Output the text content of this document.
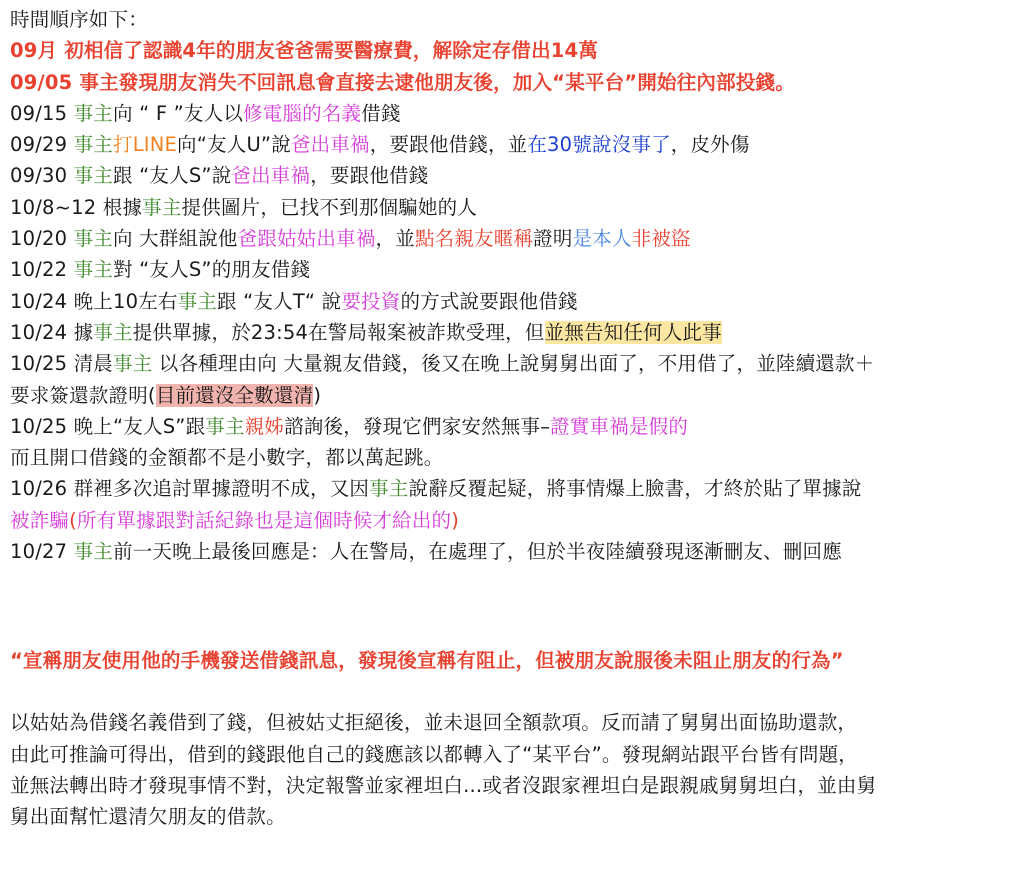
時間順序如下：
09月 初相信了認識4年的朋友爸爸需要醫療費，解除定存借出14萬
09/05 事主發現朋友消失不回訊息會直接去逮他朋友後，加入“某平台”開始往內部投錢。
09/15 事主向 “ F ”友人以修電腦的名義借錢
09/29 事主打LINE向“友人U”說爸出車禍，要跟他借錢，並在30號說沒事了，皮外傷
09/30 事主跟 “友人S”說爸出車禍，要跟他借錢
10/8~12 根據事主提供圖片，已找不到那個騙她的人
10/20 事主向 大群組說他爸跟姑姑出車禍，並點名親友暱稱證明是本人非被盜
10/22 事主對 “友人S”的朋友借錢
10/24 晚上10左右事主跟 “友人T“ 說要投資的方式說要跟他借錢
10/24 據事主提供單據，於23:54在警局報案被詐欺受理，但並無告知任何人此事
10/25 清晨事主 以各種理由向 大量親友借錢，後又在晚上說舅舅出面了，不用借了，並陸續還款＋
要求簽還款證明(目前還沒全數還清)
10/25 晚上“友人S”跟事主親姊諮詢後，發現它們家安然無事–證實車禍是假的
而且開口借錢的金額都不是小數字，都以萬起跳。
10/26 群裡多次追討單據證明不成，又因事主說辭反覆起疑，將事情爆上臉書，才終於貼了單據說
被詐騙(所有單據跟對話紀錄也是這個時候才給出的)
10/27 事主前一天晚上最後回應是：人在警局，在處理了，但於半夜陸續發現逐漸刪友、刪回應
“宣稱朋友使用他的手機發送借錢訊息，發現後宣稱有阻止，但被朋友說服後未阻止朋友的行為”
以姑姑為借錢名義借到了錢，但被姑丈拒絕後，並未退回全額款項。反而請了舅舅出面協助還款，
由此可推論可得出，借到的錢跟他自己的錢應該以都轉入了“某平台”。發現網站跟平台皆有問題，
並無法轉出時才發現事情不對，決定報警並家裡坦白...或者沒跟家裡坦白是跟親戚舅舅坦白，並由舅
舅出面幫忙還清欠朋友的借款。
